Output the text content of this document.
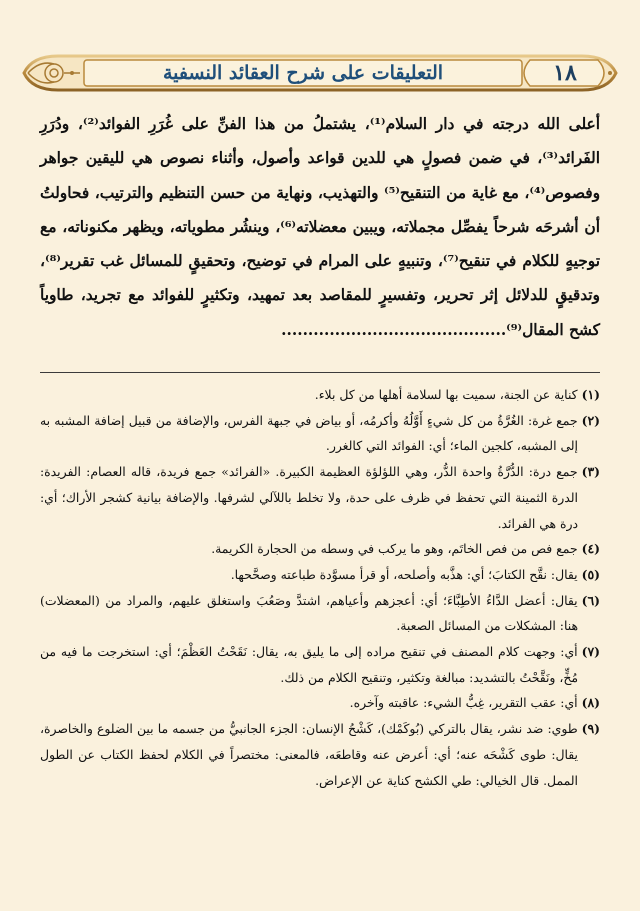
التعليقات على شرح العقائد النسفية	١٨

أعلى الله درجته في دار السلام⁽¹⁾، يشتملُ من هذا الفنِّ على غُرَرِ الفوائد⁽²⁾، ودُرَرِ الفَرائد⁽³⁾، في ضمن فصولٍ هي للدين قواعد وأصول، وأثناء نصوص هي لليقين جواهر وفصوص⁽⁴⁾، مع غاية من التنقيح⁽⁵⁾ والتهذيب، ونهاية من حسن التنظيم والترتيب، فحاولتُ أن أشرحَه شرحاً يفصِّل مجملاته، ويبين معضلاته⁽⁶⁾، وينشُر مطوياته، ويظهر مكنوناته، مع توجيهٍ للكلام في تنقيح⁽⁷⁾، وتنبيهٍ على المرام في توضيح، وتحقيقٍ للمسائل غب تقرير⁽⁸⁾، وتدقيقٍ للدلائل إثر تحرير، وتفسيرٍ للمقاصد بعد تمهيد، وتكثيرٍ للفوائد مع تجريد، طاوياً كشح المقال⁽⁹⁾..........................................

(١)كناية عن الجنة، سميت بها لسلامة أهلها من كل بلاء.

(٢)جمع غرة: الغُرَّةُ من كل شيءٍ أَوَّلُهُ وأكرمُه، أو بياض في جبهة الفرس، والإضافة من قبيل إضافة المشبه به إلى المشبه، كلجين الماء؛ أي: الفوائد التي كالغرر.

(٣)جمع درة: الدُّرَّةُ واحدة الدُّر، وهي اللؤلؤة العظيمة الكبيرة. «الفرائد» جمع فريدة، قاله العصام: الفريدة: الدرة الثمينة التي تحفظ في ظرف على حدة، ولا تخلط باللآلي لشرفها. والإضافة بيانية كشجر الأراك؛ أي: درة هي الفرائد.

(٤)جمع فص من فص الخاتَم، وهو ما يركب في وسطه من الحجارة الكريمة.

(٥)يقال: نقَّح الكتابَ؛ أي: هذَّبه وأصلحه، أو قرأ مسوَّدة طباعته وصحَّحها.

(٦)يقال: أعضل الدَّاءُ الأطِبَّاءَ؛ أي: أعجزهم وأعياهم، اشتدَّ وصَعُبَ واستغلق عليهم، والمراد من (المعضلات) هنا: المشكلات من المسائل الصعبة.

(٧)أي: وجهت كلام المصنف في تنقيح مراده إلى ما يليق به، يقال: نَقَحْتُ العَظْمَ؛ أي: استخرجت ما فيه من مُخٍّ، ونَقَّحْتُ بالتشديد: مبالغة وتكثير، وتنقيح الكلام من ذلك.

(٨)أي: عقب التقرير، غِبُّ الشيء: عاقبته وآخره.

(٩)طوي: ضد نشر، يقال بالتركي (بُوكَمْك)، كَشْحُ الإنسان: الجزء الجانبيُّ من جسمه ما بين الضلوع والخاصرة، يقال: طوى كَشْحَه عنه؛ أي: أعرض عنه وقاطعَه، فالمعنى: مختصراً في الكلام لحفظ الكتاب عن الطول الممل. قال الخيالي: طي الكشح كناية عن الإعراض.
